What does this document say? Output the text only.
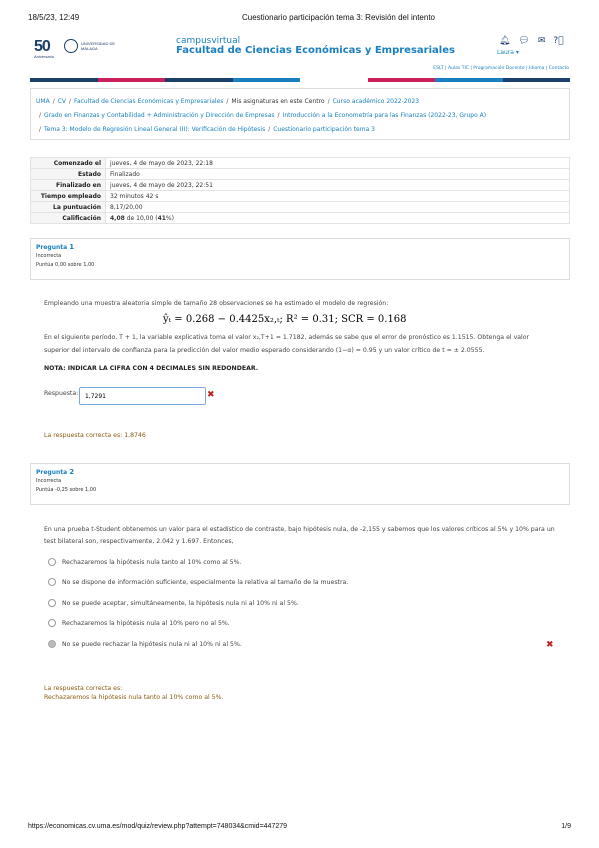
18/5/23, 12:49	Cuestionario participación tema 3: Revisión del intento
50
Aniversario
UNIVERSIDAD DE MÁLAGA
campusvirtual
Facultad de Ciencias Económicas y Empresariales
🔔︎ 💬︎ ✉︎ ?⃝
Laura ▾
ESLT | Aulas TIC | Programación Docente | Idioma | Contacto
UMA / CV / Facultad de Ciencias Económicas y Empresariales / Mis asignaturas en este Centro / Curso académico 2022-2023
/ Grado en Finanzas y Contabilidad + Administración y Dirección de Empresas / Introducción a la Econometría para las Finanzas (2022-23, Grupo A)
/ Tema 3: Modelo de Regresión Lineal General (II): Verificación de Hipótesis / Cuestionario participación tema 3
Comenzado el	jueves, 4 de mayo de 2023, 22:18
Estado	Finalizado
Finalizado en	jueves, 4 de mayo de 2023, 22:51
Tiempo empleado	32 minutos 42 s
La puntuación	8,17/20,00
Calificación	4,08 de 10,00 (41%)
Pregunta 1
Incorrecta
Puntúa 0,00 sobre 1,00
Empleando una muestra aleatoria simple de tamaño 28 observaciones se ha estimado el modelo de regresión:
ŷₜ = 0.268 − 0.4425x₂,ₜ; R² = 0.31; SCR = 0.168
En el siguiente período, T + 1, la variable explicativa toma el valor x₂,T+1 = 1.7182, además se sabe que el error de pronóstico es 1.1515. Obtenga el valor
superior del intervalo de confianza para la predicción del valor medio esperado considerando (1−α) = 0.95 y un valor crítico de t = ± 2.0555.
NOTA: INDICAR LA CIFRA CON 4 DECIMALES SIN REDONDEAR.
Respuesta:	1,7291	✖
La respuesta correcta es: 1,8746
Pregunta 2
Incorrecta
Puntúa -0,25 sobre 1,00
En una prueba t-Student obtenemos un valor para el estadístico de contraste, bajo hipótesis nula, de -2,155 y sabemos que los valores críticos al 5% y 10% para un
test bilateral son, respectivamente, 2.042 y 1.697. Entonces,
Rechazaremos la hipótesis nula tanto al 10% como al 5%.
No se dispone de información suficiente, especialmente la relativa al tamaño de la muestra.
No se puede aceptar, simultáneamente, la hipótesis nula ni al 10% ni al 5%.
Rechazaremos la hipótesis nula al 10% pero no al 5%.
No se puede rechazar la hipótesis nula ni al 10% ni al 5%.	✖
La respuesta correcta es:
Rechazaremos la hipótesis nula tanto al 10% como al 5%.
https://economicas.cv.uma.es/mod/quiz/review.php?attempt=748034&cmid=447279	1/9
